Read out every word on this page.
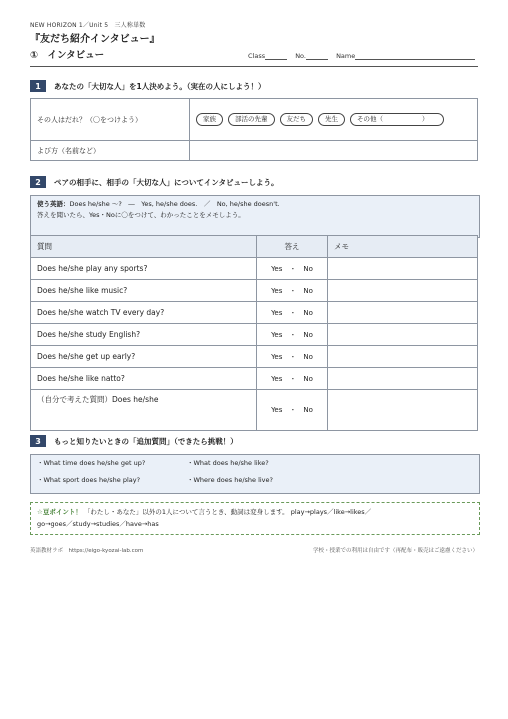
NEW HORIZON 1／Unit 5　三人称単数
『友だち紹介インタビュー』
①　インタビュー	Class	No.	Name
1	あなたの「大切な人」を1人決めよう。（実在の人にしよう！）
その人はだれ？（〇をつけよう）	家族 部活の先輩 友だち 先生 その他（　　　　　　）

よび方（名前など）	
2	ペアの相手に、相手の「大切な人」についてインタビューしよう。
使う英語：Does he/she ～?　―　Yes, he/she does.　／　No, he/she doesn't.
答えを聞いたら、Yes・Noに〇をつけて、わかったことをメモしよう。
質問	答え	メモ
Does he/she play any sports?	Yes　・　No	
Does he/she like music?	Yes　・　No	
Does he/she watch TV every day?	Yes　・　No	
Does he/she study English?	Yes　・　No	
Does he/she get up early?	Yes　・　No	
Does he/she like natto?	Yes　・　No	
（自分で考えた質問）Does he/she	Yes　・　No	
3	もっと知りたいときの「追加質問」（できたら挑戦！）
・What time does he/she get up?	・What does he/she like?
・What sport does he/she play?	・Where does he/she live?
☆豆ポイント！ 「わたし・あなた」以外の1人について言うとき、動詞は変身します。 play→plays／like→likes／
go→goes／study→studies／have→has
英語教材ラボ　https://eigo-kyozai-lab.com	学校・授業での利用は自由です（再配布・販売はご遠慮ください）
